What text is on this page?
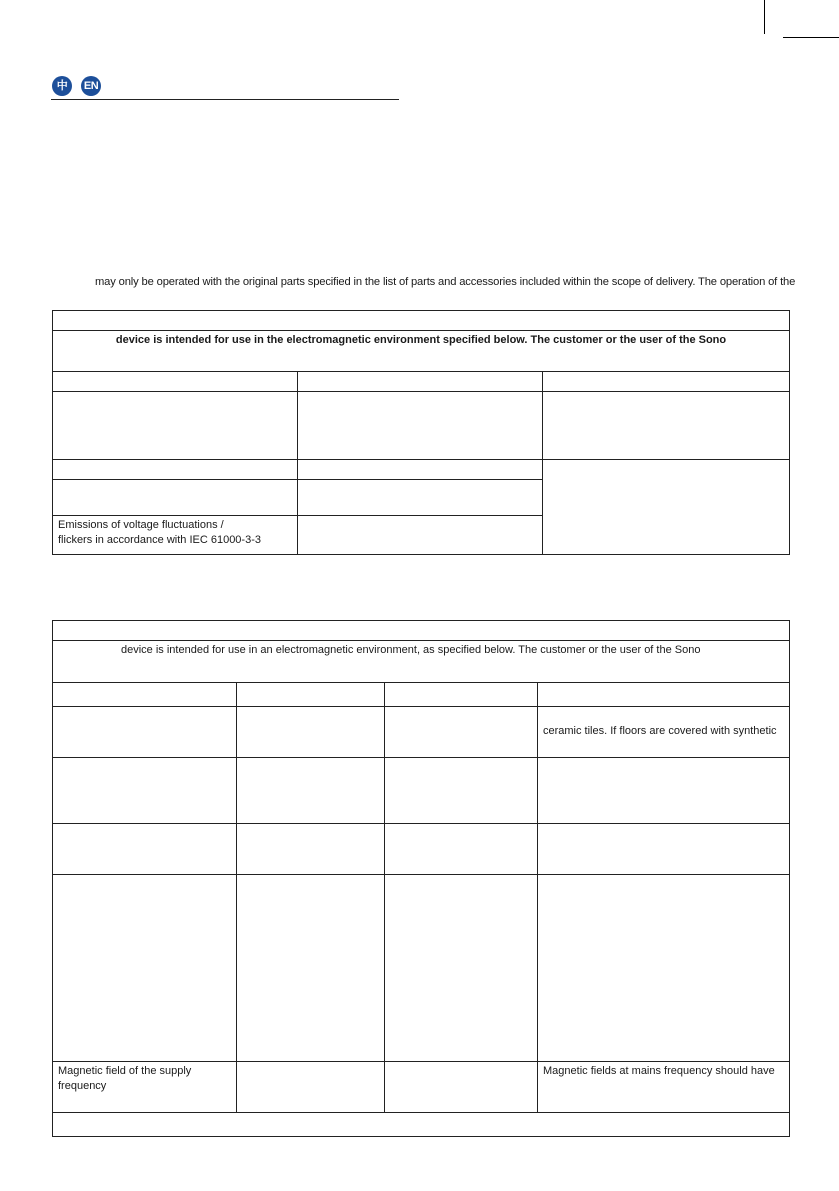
中	EN

may only be operated with the original parts specified in the list of parts and accessories included within the scope of delivery. The operation of the

device is intended for use in the electromagnetic environment specified below. The customer or the user of the Sono		

Emissions of voltage fluctuations /
flickers in accordance with IEC 61000-3-3		

device is intended for use in an electromagnetic environment, as specified below. The customer or the user of the Sono			

			ceramic tiles. If floors are covered with synthetic

Magnetic field of the supply frequency			Magnetic fields at mains frequency should have
